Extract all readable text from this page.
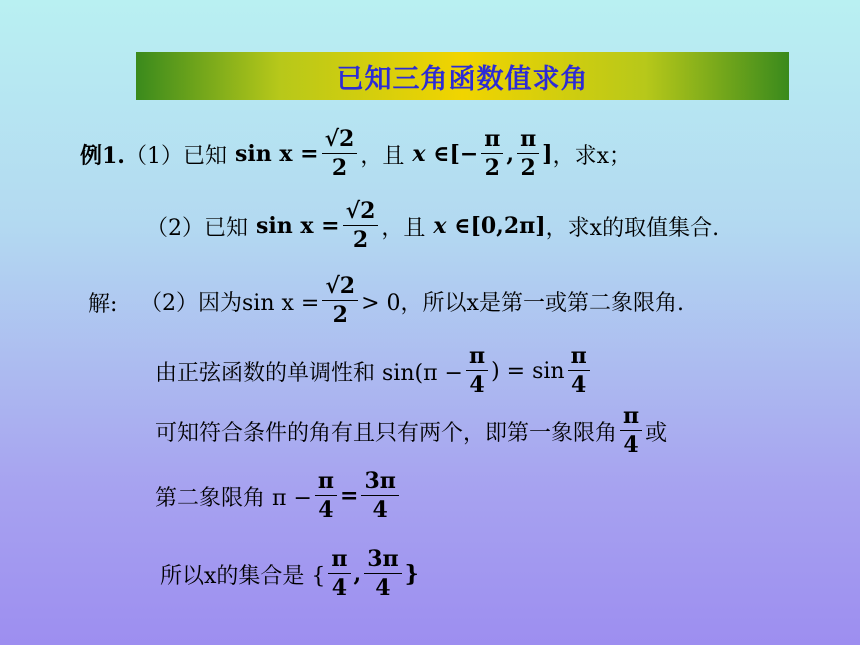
已知三角函数值求角
例1. （1）已知 $\sin x = \frac{√2}{2}$ ，且 x ∈ [− $\frac{\pi}{2}$ , $\frac{\pi}{2}$ ] ，求x；
（2）已知 $\sin x = \frac{√2}{2}$ ，且 x ∈ [0,2π] ，求x的取值集合.
解: （2）因为$\sin x = \frac{√2}{2} > 0$，所以x是第一或第二象限角.
由正弦函数的单调性和 $\sin(\pi - \frac{\pi}{4}$ ) = $\sin \frac{\pi}{4}$
可知符合条件的角有且只有两个，即第一象限角 $\frac{\pi}{4}$ 或
第二象限角 $\pi - \frac{\pi}{4} = \frac{3\pi}{4}$
所以x的集合是 { $\frac{\pi}{4}$ , $\frac{3\pi}{4}$ }
